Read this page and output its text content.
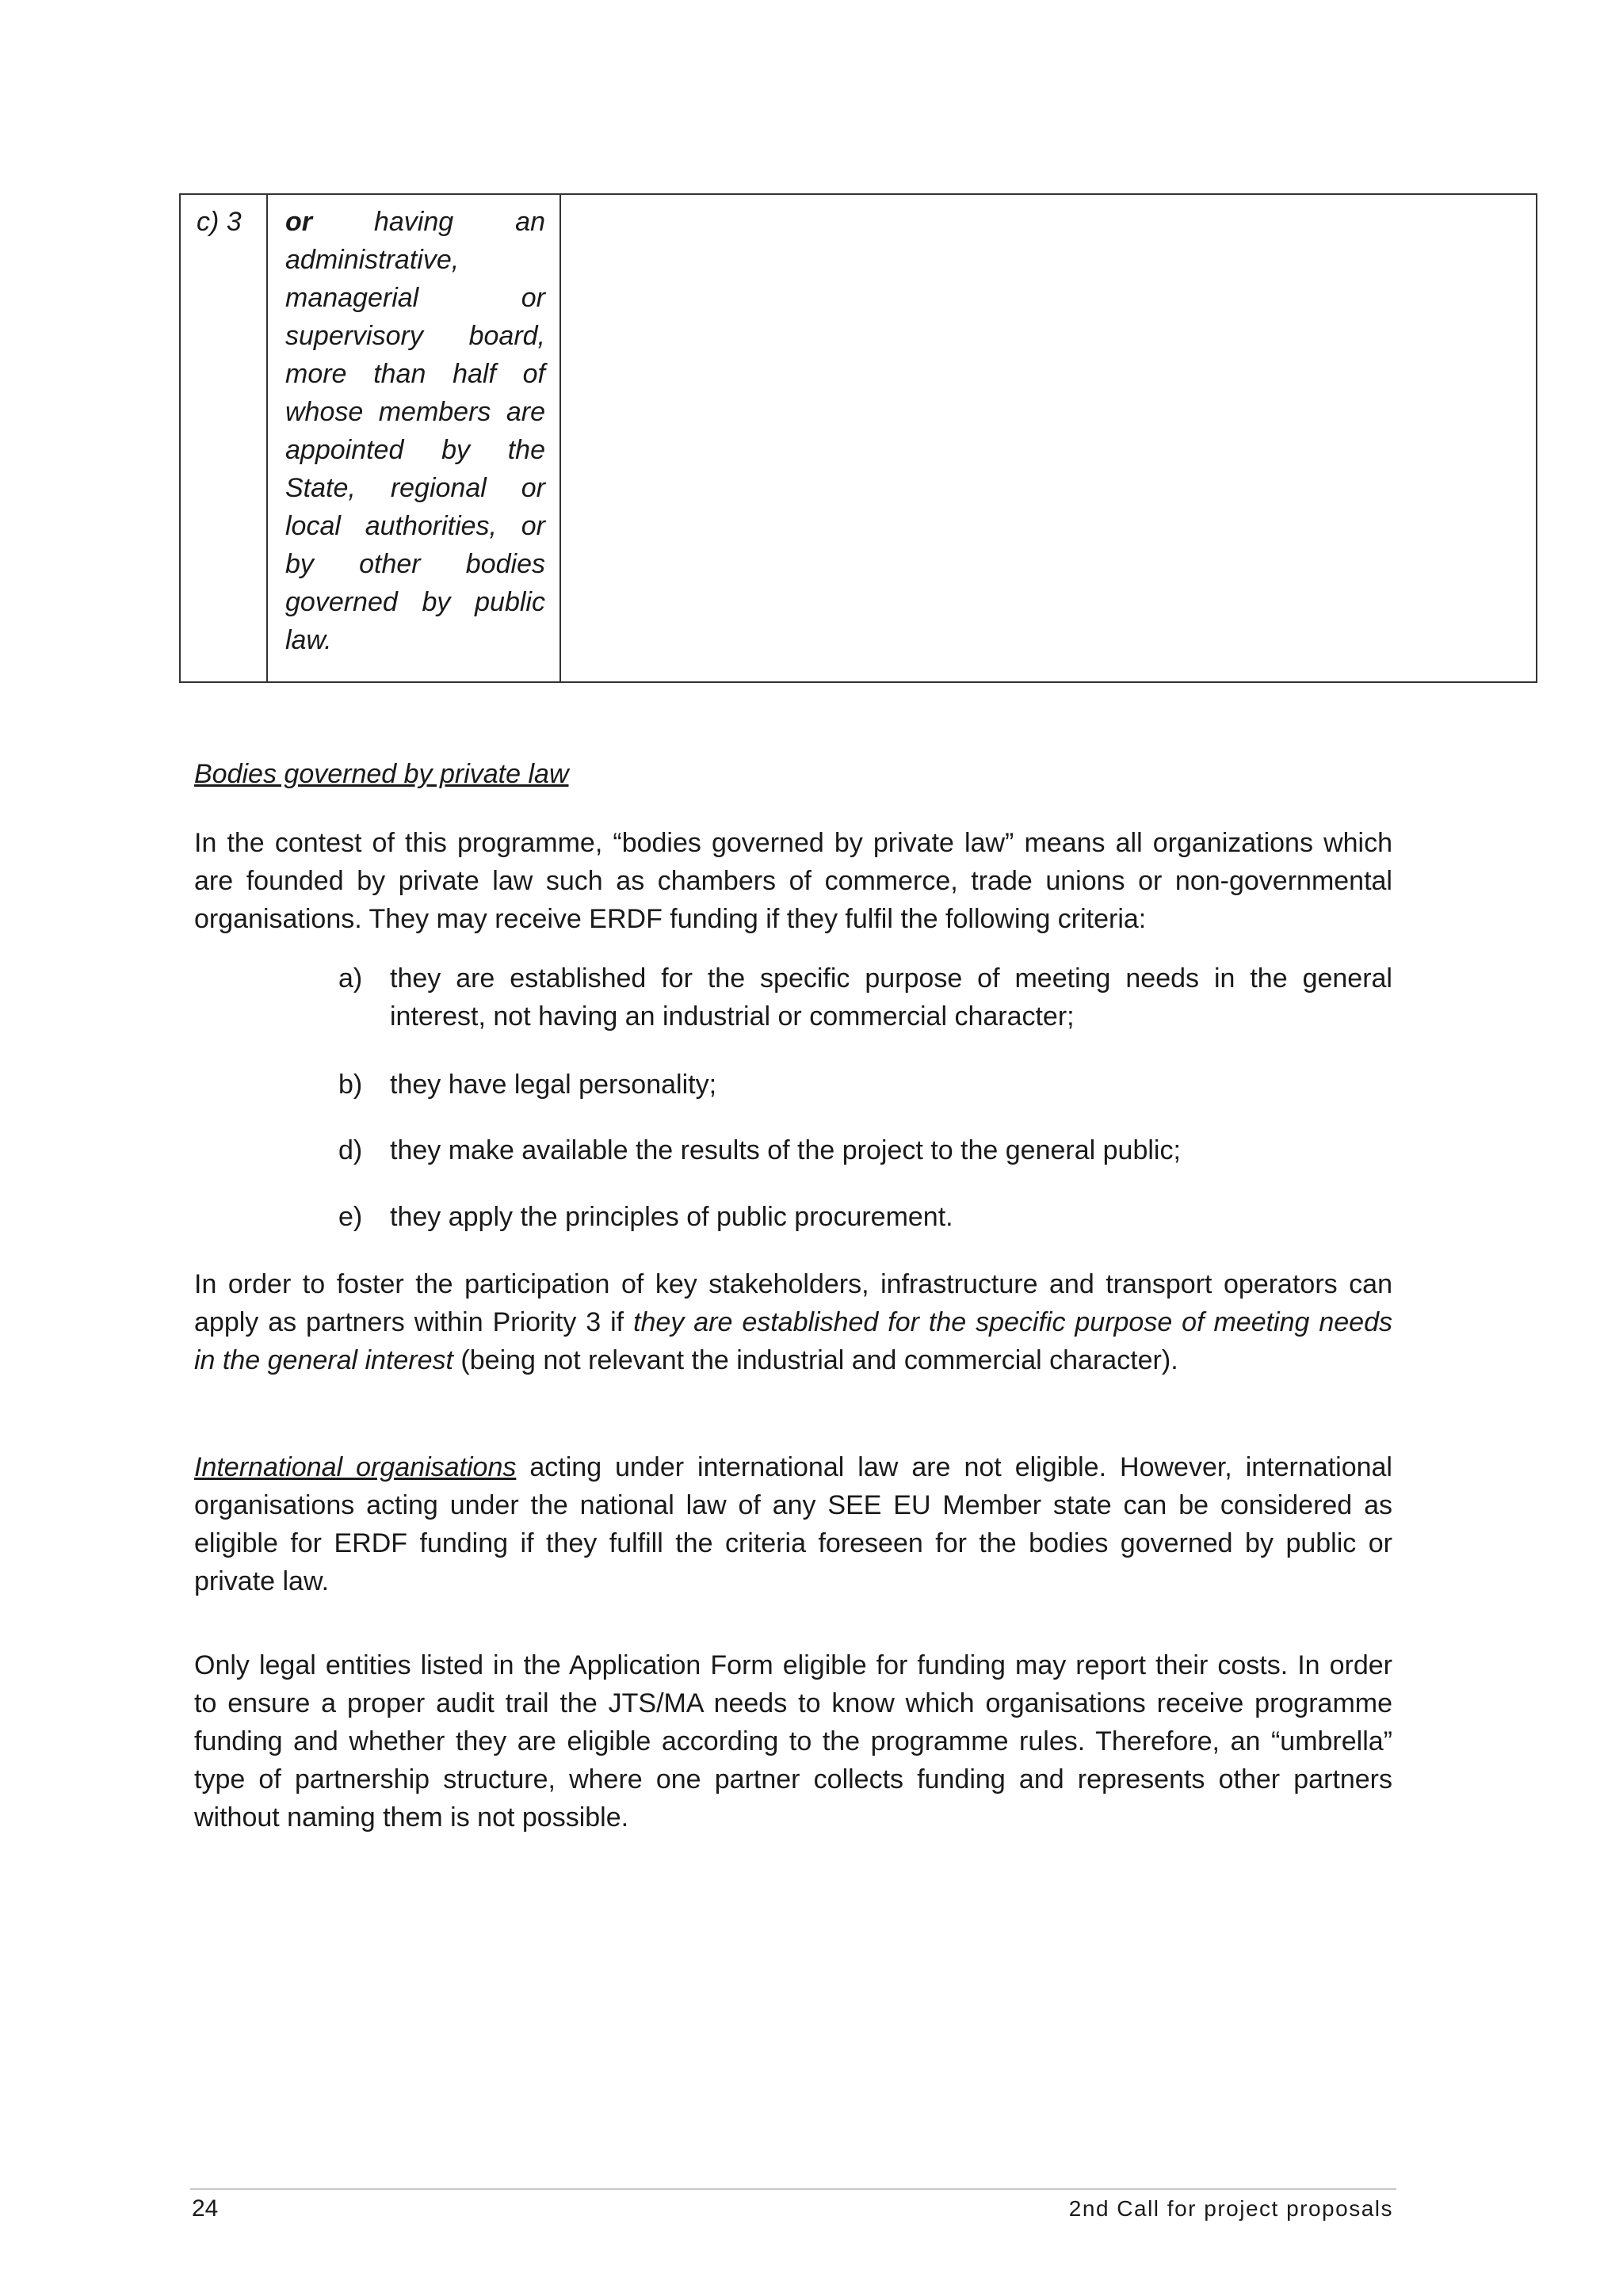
c) 3	or having an
administrative,
managerial	or
supervisory board,
more than half of
whose members are
appointed by the
State, regional or
local authorities, or
by other bodies
governed by public
law.

Bodies governed by private law
In the contest of this programme, “bodies governed by private law” means all organizations which
are founded by private law such as chambers of commerce, trade unions or non-governmental
organisations. They may receive ERDF funding if they fulfil the following criteria:
a)	they are established for the specific purpose of meeting needs in the general
interest, not having an industrial or commercial character;
b)	they have legal personality;
d)	they make available the results of the project to the general public;
e)	they apply the principles of public procurement.
In order to foster the participation of key stakeholders, infrastructure and transport operators can
apply as partners within Priority 3 if they are established for the specific purpose of meeting needs
in the general interest (being not relevant the industrial and commercial character).
International organisations acting under international law are not eligible. However, international
organisations acting under the national law of any SEE EU Member state can be considered as
eligible for ERDF funding if they fulfill the criteria foreseen for the bodies governed by public or
private law.
Only legal entities listed in the Application Form eligible for funding may report their costs. In order
to ensure a proper audit trail the JTS/MA needs to know which organisations receive programme
funding and whether they are eligible according to the programme rules. Therefore, an “umbrella”
type of partnership structure, where one partner collects funding and represents other partners
without naming them is not possible.
24	2nd Call for project proposals
